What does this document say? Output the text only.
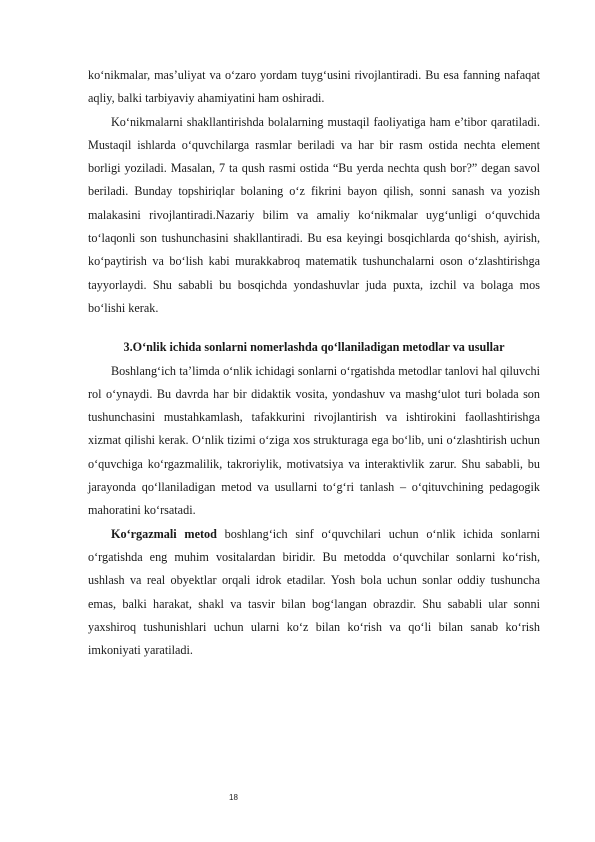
ko‘nikmalar, mas’uliyat va o‘zaro yordam tuyg‘usini rivojlantiradi. Bu esa fanning nafaqat aqliy, balki tarbiyaviy ahamiyatini ham oshiradi.

Ko‘nikmalarni shakllantirishda bolalarning mustaqil faoliyatiga ham e’tibor qaratiladi. Mustaqil ishlarda o‘quvchilarga rasmlar beriladi va har bir rasm ostida nechta element borligi yoziladi. Masalan, 7 ta qush rasmi ostida “Bu yerda nechta qush bor?” degan savol beriladi. Bunday topshiriqlar bolaning o‘z fikrini bayon qilish, sonni sanash va yozish malakasini rivojlantiradi.Nazariy bilim va amaliy ko‘nikmalar uyg‘unligi o‘quvchida to‘laqonli son tushunchasini shakllantiradi. Bu esa keyingi bosqichlarda qo‘shish, ayirish, ko‘paytirish va bo‘lish kabi murakkabroq matematik tushunchalarni oson o‘zlashtirishga tayyorlaydi. Shu sababli bu bosqichda yondashuvlar juda puxta, izchil va bolaga mos bo‘lishi kerak.

3.O‘nlik ichida sonlarni nomerlashda qo‘llaniladigan metodlar va usullar

Boshlang‘ich ta’limda o‘nlik ichidagi sonlarni o‘rgatishda metodlar tanlovi hal qiluvchi rol o‘ynaydi. Bu davrda har bir didaktik vosita, yondashuv va mashg‘ulot turi bolada son tushunchasini mustahkamlash, tafakkurini rivojlantirish va ishtirokini faollashtirishga xizmat qilishi kerak. O‘nlik tizimi o‘ziga xos strukturaga ega bo‘lib, uni o‘zlashtirish uchun o‘quvchiga ko‘rgazmalilik, takroriylik, motivatsiya va interaktivlik zarur. Shu sababli, bu jarayonda qo‘llaniladigan metod va usullarni to‘g‘ri tanlash – o‘qituvchining pedagogik mahoratini ko‘rsatadi.

Ko‘rgazmali metod boshlang‘ich sinf o‘quvchilari uchun o‘nlik ichida sonlarni o‘rgatishda eng muhim vositalardan biridir. Bu metodda o‘quvchilar sonlarni ko‘rish, ushlash va real obyektlar orqali idrok etadilar. Yosh bola uchun sonlar oddiy tushuncha emas, balki harakat, shakl va tasvir bilan bog‘langan obrazdir. Shu sababli ular sonni yaxshiroq tushunishlari uchun ularni ko‘z bilan ko‘rish va qo‘li bilan sanab ko‘rish imkoniyati yaratiladi.

18
